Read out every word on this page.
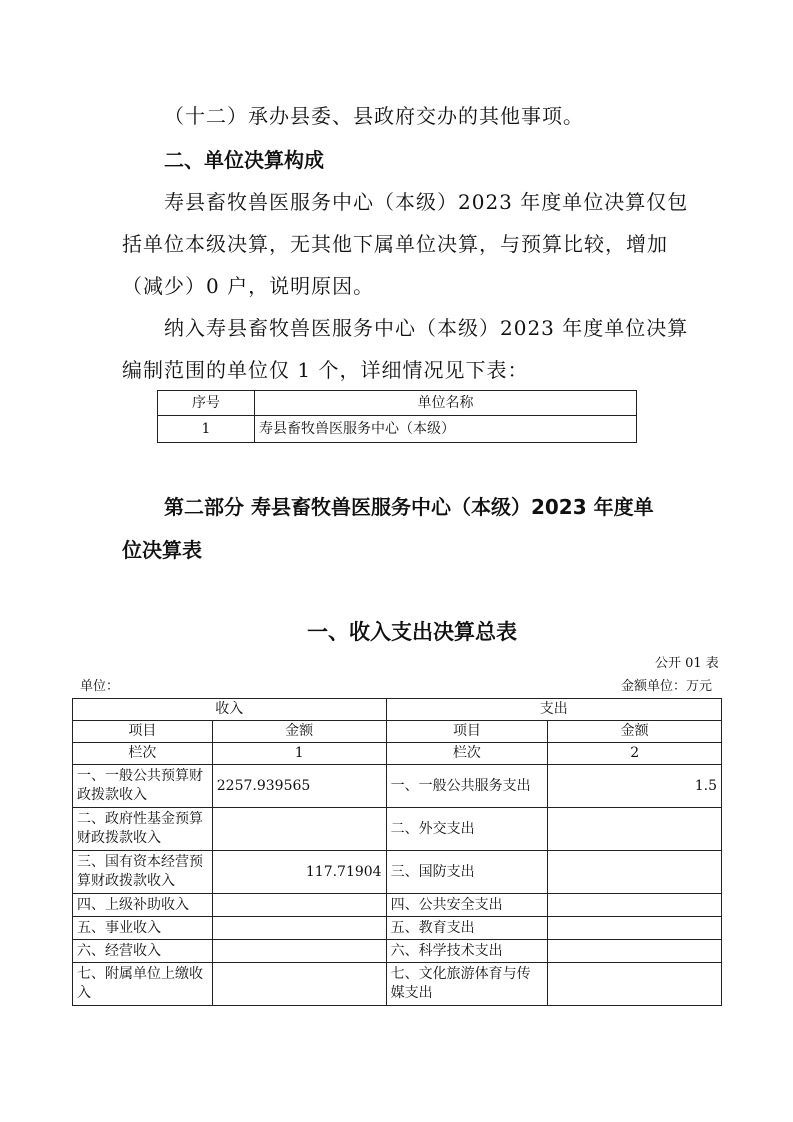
（十二）承办县委、县政府交办的其他事项。
二、单位决算构成
寿县畜牧兽医服务中心（本级）2023 年度单位决算仅包
括单位本级决算，无其他下属单位决算，与预算比较，增加
（减少）0 户，说明原因。
纳入寿县畜牧兽医服务中心（本级）2023 年度单位决算
编制范围的单位仅 1 个，详细情况见下表：
序号	单位名称
1	寿县畜牧兽医服务中心（本级）
第二部分 寿县畜牧兽医服务中心（本级）2023 年度单
位决算表
一、收入支出决算总表
公开 01 表
单位：	金额单位：万元
收入		支出	
项目	金额	项目	金额
栏次	1	栏次	2
一、一般公共预算财政拨款收入	2257.939565	一、一般公共服务支出	1.5
二、政府性基金预算财政拨款收入		二、外交支出	
三、国有资本经营预算财政拨款收入	117.71904	三、国防支出	
四、上级补助收入		四、公共安全支出	
五、事业收入		五、教育支出	
六、经营收入		六、科学技术支出	
七、附属单位上缴收入		七、文化旅游体育与传媒支出	
